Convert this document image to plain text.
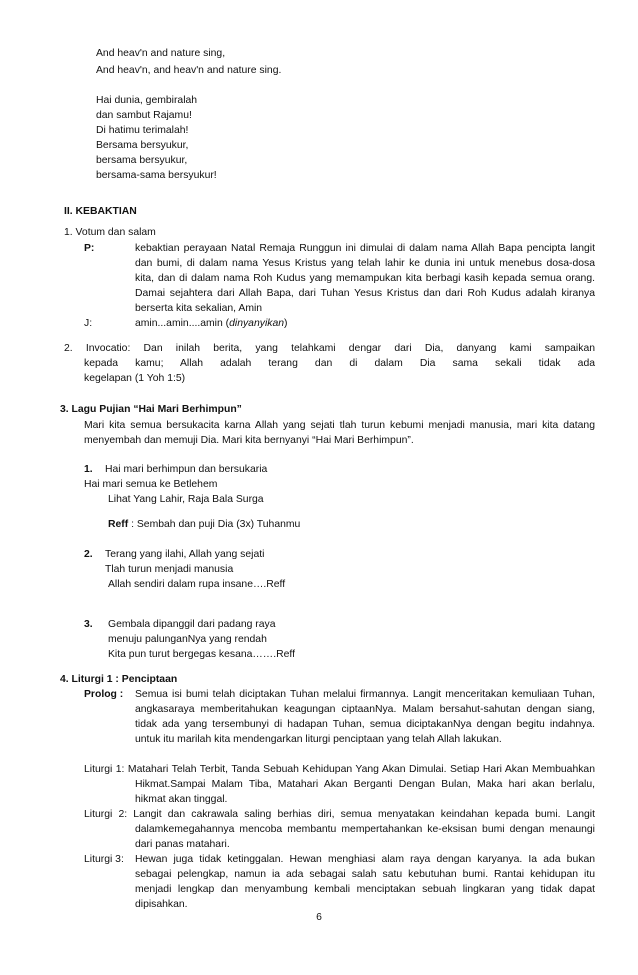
And heav'n and nature sing,
And heav'n, and heav'n and nature sing.
Hai dunia, gembiralah
dan sambut Rajamu!
Di hatimu terimalah!
Bersama bersyukur,
bersama bersyukur,
bersama-sama bersyukur!
II. KEBAKTIAN
1. Votum dan salam
P:	kebaktian perayaan Natal Remaja Runggun ini dimulai di dalam nama Allah Bapa pencipta langit
dan bumi, di dalam nama Yesus Kristus yang telah lahir ke dunia ini untuk menebus dosa-dosa
kita, dan di dalam nama Roh Kudus yang memampukan kita berbagi kasih kepada semua orang.
Damai sejahtera dari Allah Bapa, dari Tuhan Yesus Kristus dan dari Roh Kudus adalah kiranya
berserta kita sekalian, Amin
J:	amin...amin....amin (dinyanyikan)
2. Invocatio: Dan inilah berita, yang telahkami dengar dari Dia, danyang kami sampaikan
kepada kamu; Allah adalah terang dan di dalam Dia sama sekali tidak ada
kegelapan (1 Yoh 1:5)
3. Lagu Pujian “Hai Mari Berhimpun”
Mari kita semua bersukacita karna Allah yang sejati tlah turun kebumi menjadi manusia, mari kita datang
menyembah dan memuji Dia. Mari kita bernyanyi “Hai Mari Berhimpun”.
1. Hai mari berhimpun dan bersukaria
Hai mari semua ke Betlehem
Lihat Yang Lahir, Raja Bala Surga
Reff : Sembah dan puji Dia (3x) Tuhanmu
2. Terang yang ilahi, Allah yang sejati
Tlah turun menjadi manusia
Allah sendiri dalam rupa insane….Reff
3. Gembala dipanggil dari padang raya
menuju palunganNya yang rendah
Kita pun turut bergegas kesana…….Reff
4. Liturgi 1 : Penciptaan
Prolog : Semua isi bumi telah diciptakan Tuhan melalui firmannya. Langit menceritakan kemuliaan Tuhan,
angkasaraya memberitahukan keagungan ciptaanNya. Malam bersahut-sahutan dengan siang,
tidak ada yang tersembunyi di hadapan Tuhan, semua diciptakanNya dengan begitu indahnya.
untuk itu marilah kita mendengarkan liturgi penciptaan yang telah Allah lakukan.
Liturgi 1: Matahari Telah Terbit, Tanda Sebuah Kehidupan Yang Akan Dimulai. Setiap Hari Akan Membuahkan
Hikmat.Sampai Malam Tiba, Matahari Akan Berganti Dengan Bulan, Maka hari akan berlalu,
hikmat akan tinggal.
Liturgi 2: Langit dan cakrawala saling berhias diri, semua menyatakan keindahan kepada bumi. Langit
dalamkemegahannya mencoba membantu mempertahankan ke-eksisan bumi dengan menaungi
dari panas matahari.
Liturgi 3: Hewan juga tidak ketinggalan. Hewan menghiasi alam raya dengan karyanya. Ia ada bukan
sebagai pelengkap, namun ia ada sebagai salah satu kebutuhan bumi. Rantai kehidupan itu
menjadi lengkap dan menyambung kembali menciptakan sebuah lingkaran yang tidak dapat
dipisahkan.
6
